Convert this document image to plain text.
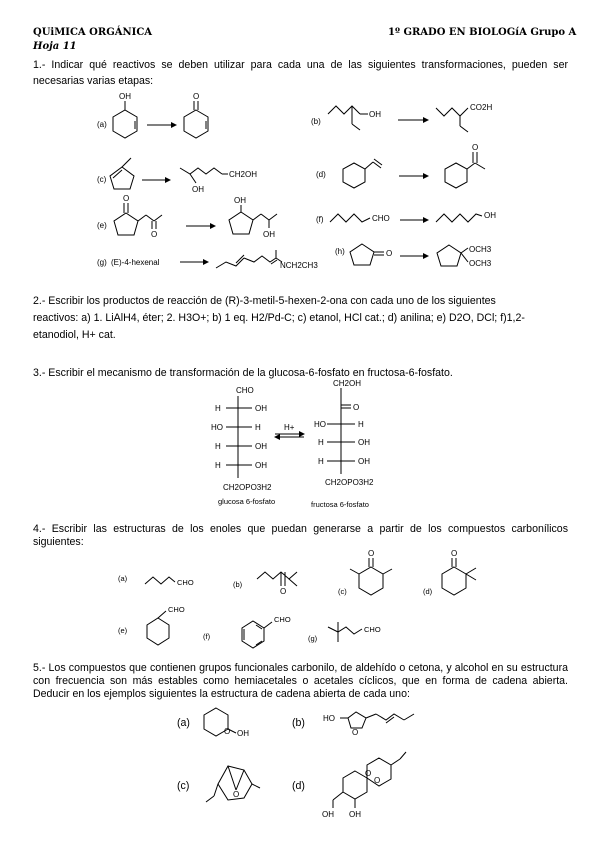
QUiMICA ORGÁNICA	1º GRADO EN BIOLOGíA Grupo A
Hoja 11
1.- Indicar qué reactivos se deben utilizar para cada una de las siguientes transformaciones, pueden ser necesarias varias etapas:
OH	O
OH
CO2H
OH
CH2OH
O
O
O
OH
OH
CHO	OH
NCH2CH3
O	OCH3
OCH3
CHO
H	OH
HO	H
H	OH
H	OH
CH2OPO3H2
H+
CH2OH
O
HO	H
H	OH
H	OH
CH2OPO3H2
CHO
O
O	O
CHO
CHO
CHO
O OH
HO
O
O
O
O
OH OH
(a)	(b)
(c)
(d)
(e)
(f)
(g) (E)-4-hexenal
(h)
2.- Escribir los productos de reacción de (R)-3-metil-5-hexen-2-ona con cada uno de los siguientes
reactivos: a) 1. LiAlH4, éter; 2. H3O+; b) 1 eq. H2/Pd-C; c) etanol, HCl cat.; d) anilina; e) D2O, DCl; f)1,2-
etanodiol, H+ cat.
3.- Escribir el mecanismo de transformación de la glucosa-6-fosfato en fructosa-6-fosfato.
glucosa 6-fosfato	fructosa 6-fosfato
4.- Escribir las estructuras de los enoles que puedan generarse a partir de los compuestos carbonílicos siguientes:
(a)
(b)
(c)	(d)
(e)
(f)	(g)
5.- Los compuestos que contienen grupos funcionales carbonilo, de aldehído o cetona, y alcohol en su estructura con frecuencia son más estables como hemiacetales o acetales cíclicos, que en forma de cadena abierta. Deducir en los ejemplos siguientes la estructura de cadena abierta de cada uno:
(a)	(b)
(c)	(d)
